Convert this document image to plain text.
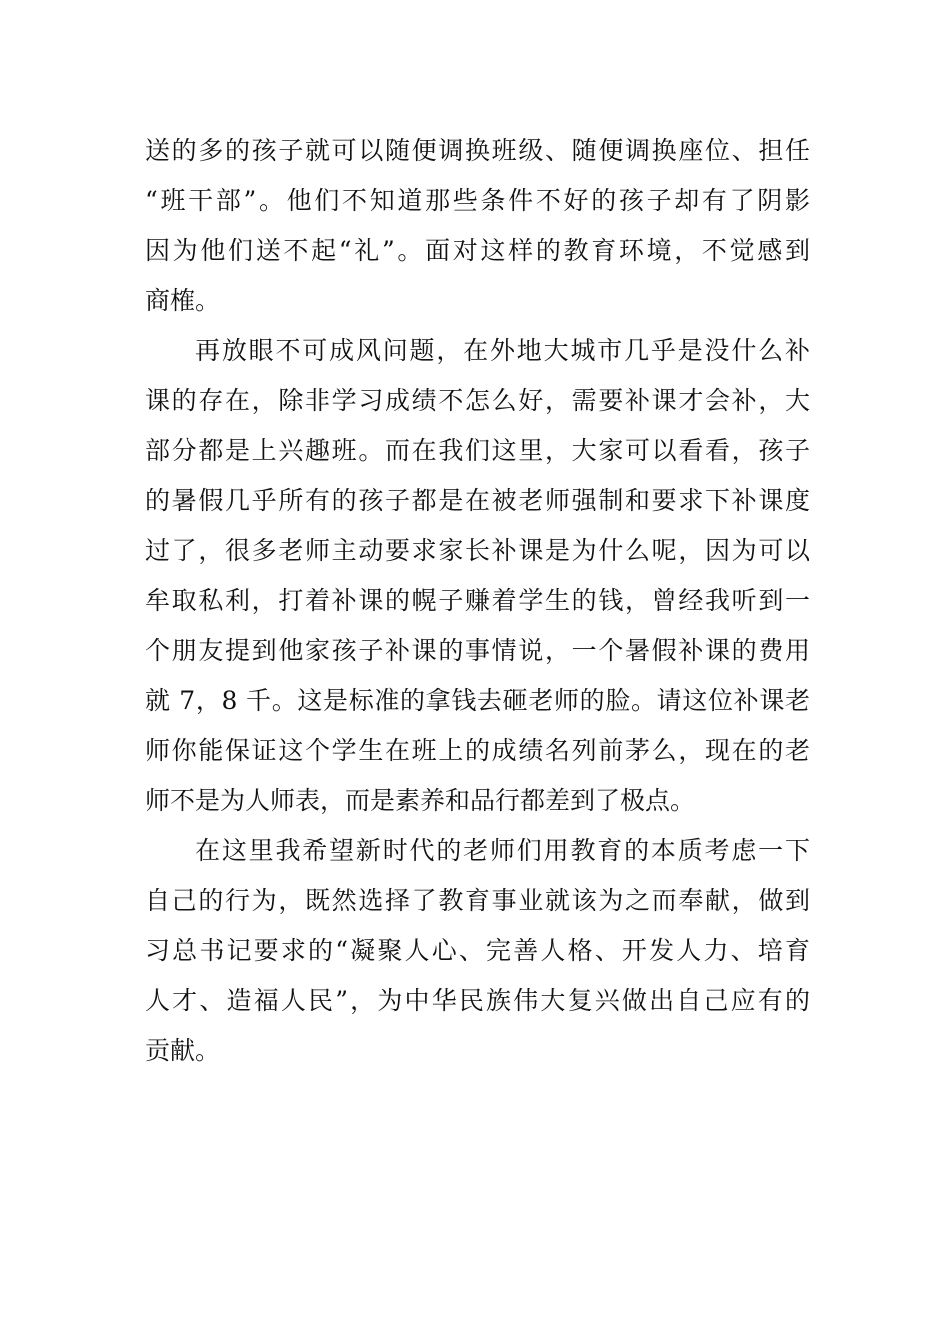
送的多的孩子就可以随便调换班级、随便调换座位、担任
“班干部”。他们不知道那些条件不好的孩子却有了阴影
因为他们送不起“礼”。面对这样的教育环境，不觉感到
商榷。
再放眼不可成风问题，在外地大城市几乎是没什么补
课的存在，除非学习成绩不怎么好，需要补课才会补，大
部分都是上兴趣班。而在我们这里，大家可以看看，孩子
的暑假几乎所有的孩子都是在被老师强制和要求下补课度
过了，很多老师主动要求家长补课是为什么呢，因为可以
牟取私利，打着补课的幌子赚着学生的钱，曾经我听到一
个朋友提到他家孩子补课的事情说，一个暑假补课的费用
就 7，8 千。这是标准的拿钱去砸老师的脸。请这位补课老
师你能保证这个学生在班上的成绩名列前茅么，现在的老
师不是为人师表，而是素养和品行都差到了极点。
在这里我希望新时代的老师们用教育的本质考虑一下
自己的行为，既然选择了教育事业就该为之而奉献，做到
习总书记要求的“凝聚人心、完善人格、开发人力、培育
人才、造福人民”，为中华民族伟大复兴做出自己应有的
贡献。
